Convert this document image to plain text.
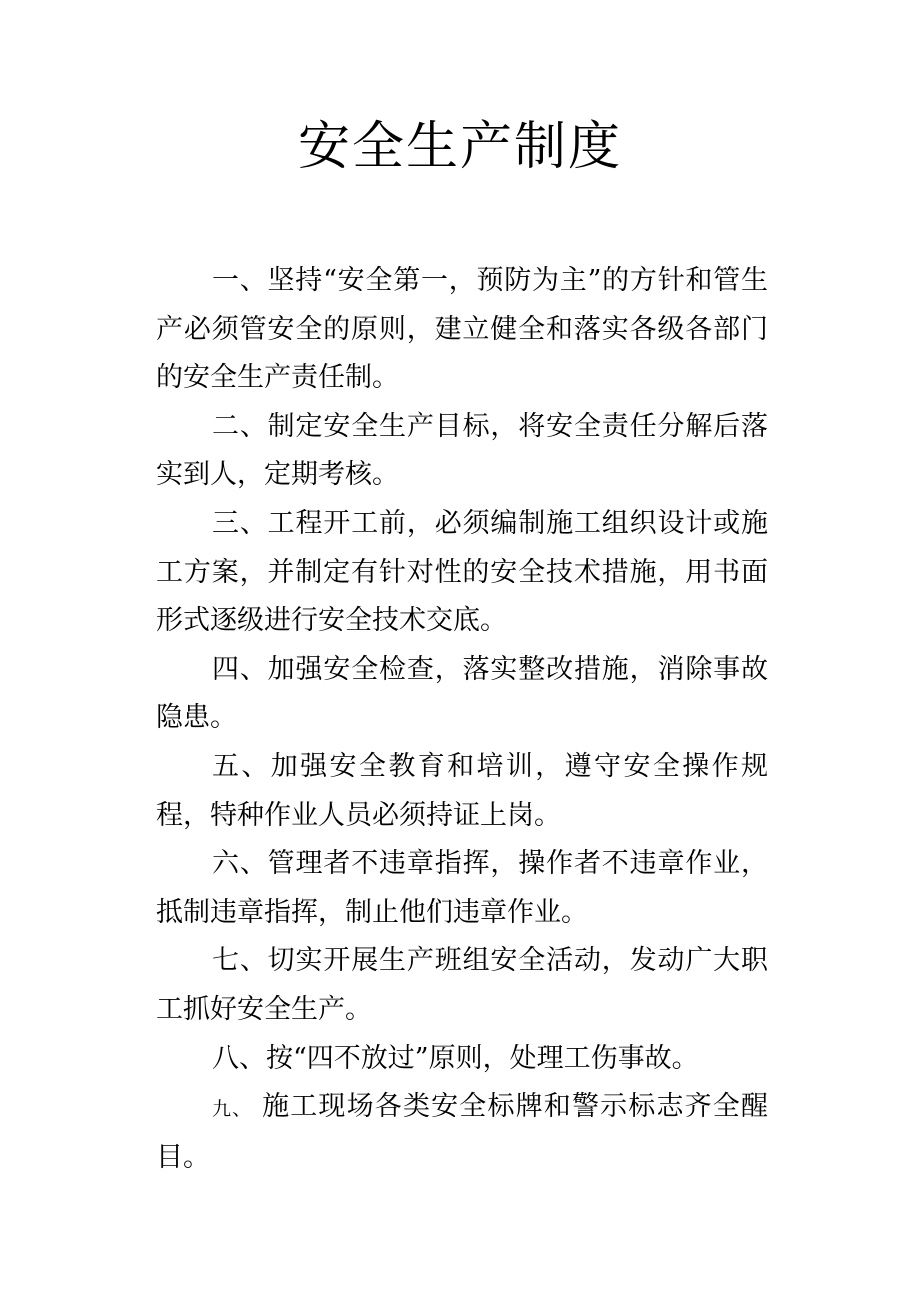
安全生产制度

一、坚持“安全第一，预防为主”的方针和管生产必须管安全的原则，建立健全和落实各级各部门的安全生产责任制。

二、制定安全生产目标，将安全责任分解后落实到人，定期考核。

三、工程开工前，必须编制施工组织设计或施工方案，并制定有针对性的安全技术措施，用书面形式逐级进行安全技术交底。

四、加强安全检查，落实整改措施，消除事故隐患。

五、加强安全教育和培训，遵守安全操作规程，特种作业人员必须持证上岗。

六、管理者不违章指挥，操作者不违章作业，抵制违章指挥，制止他们违章作业。

七、切实开展生产班组安全活动，发动广大职工抓好安全生产。

八、按“四不放过”原则，处理工伤事故。

九、 施工现场各类安全标牌和警示标志齐全醒目。
